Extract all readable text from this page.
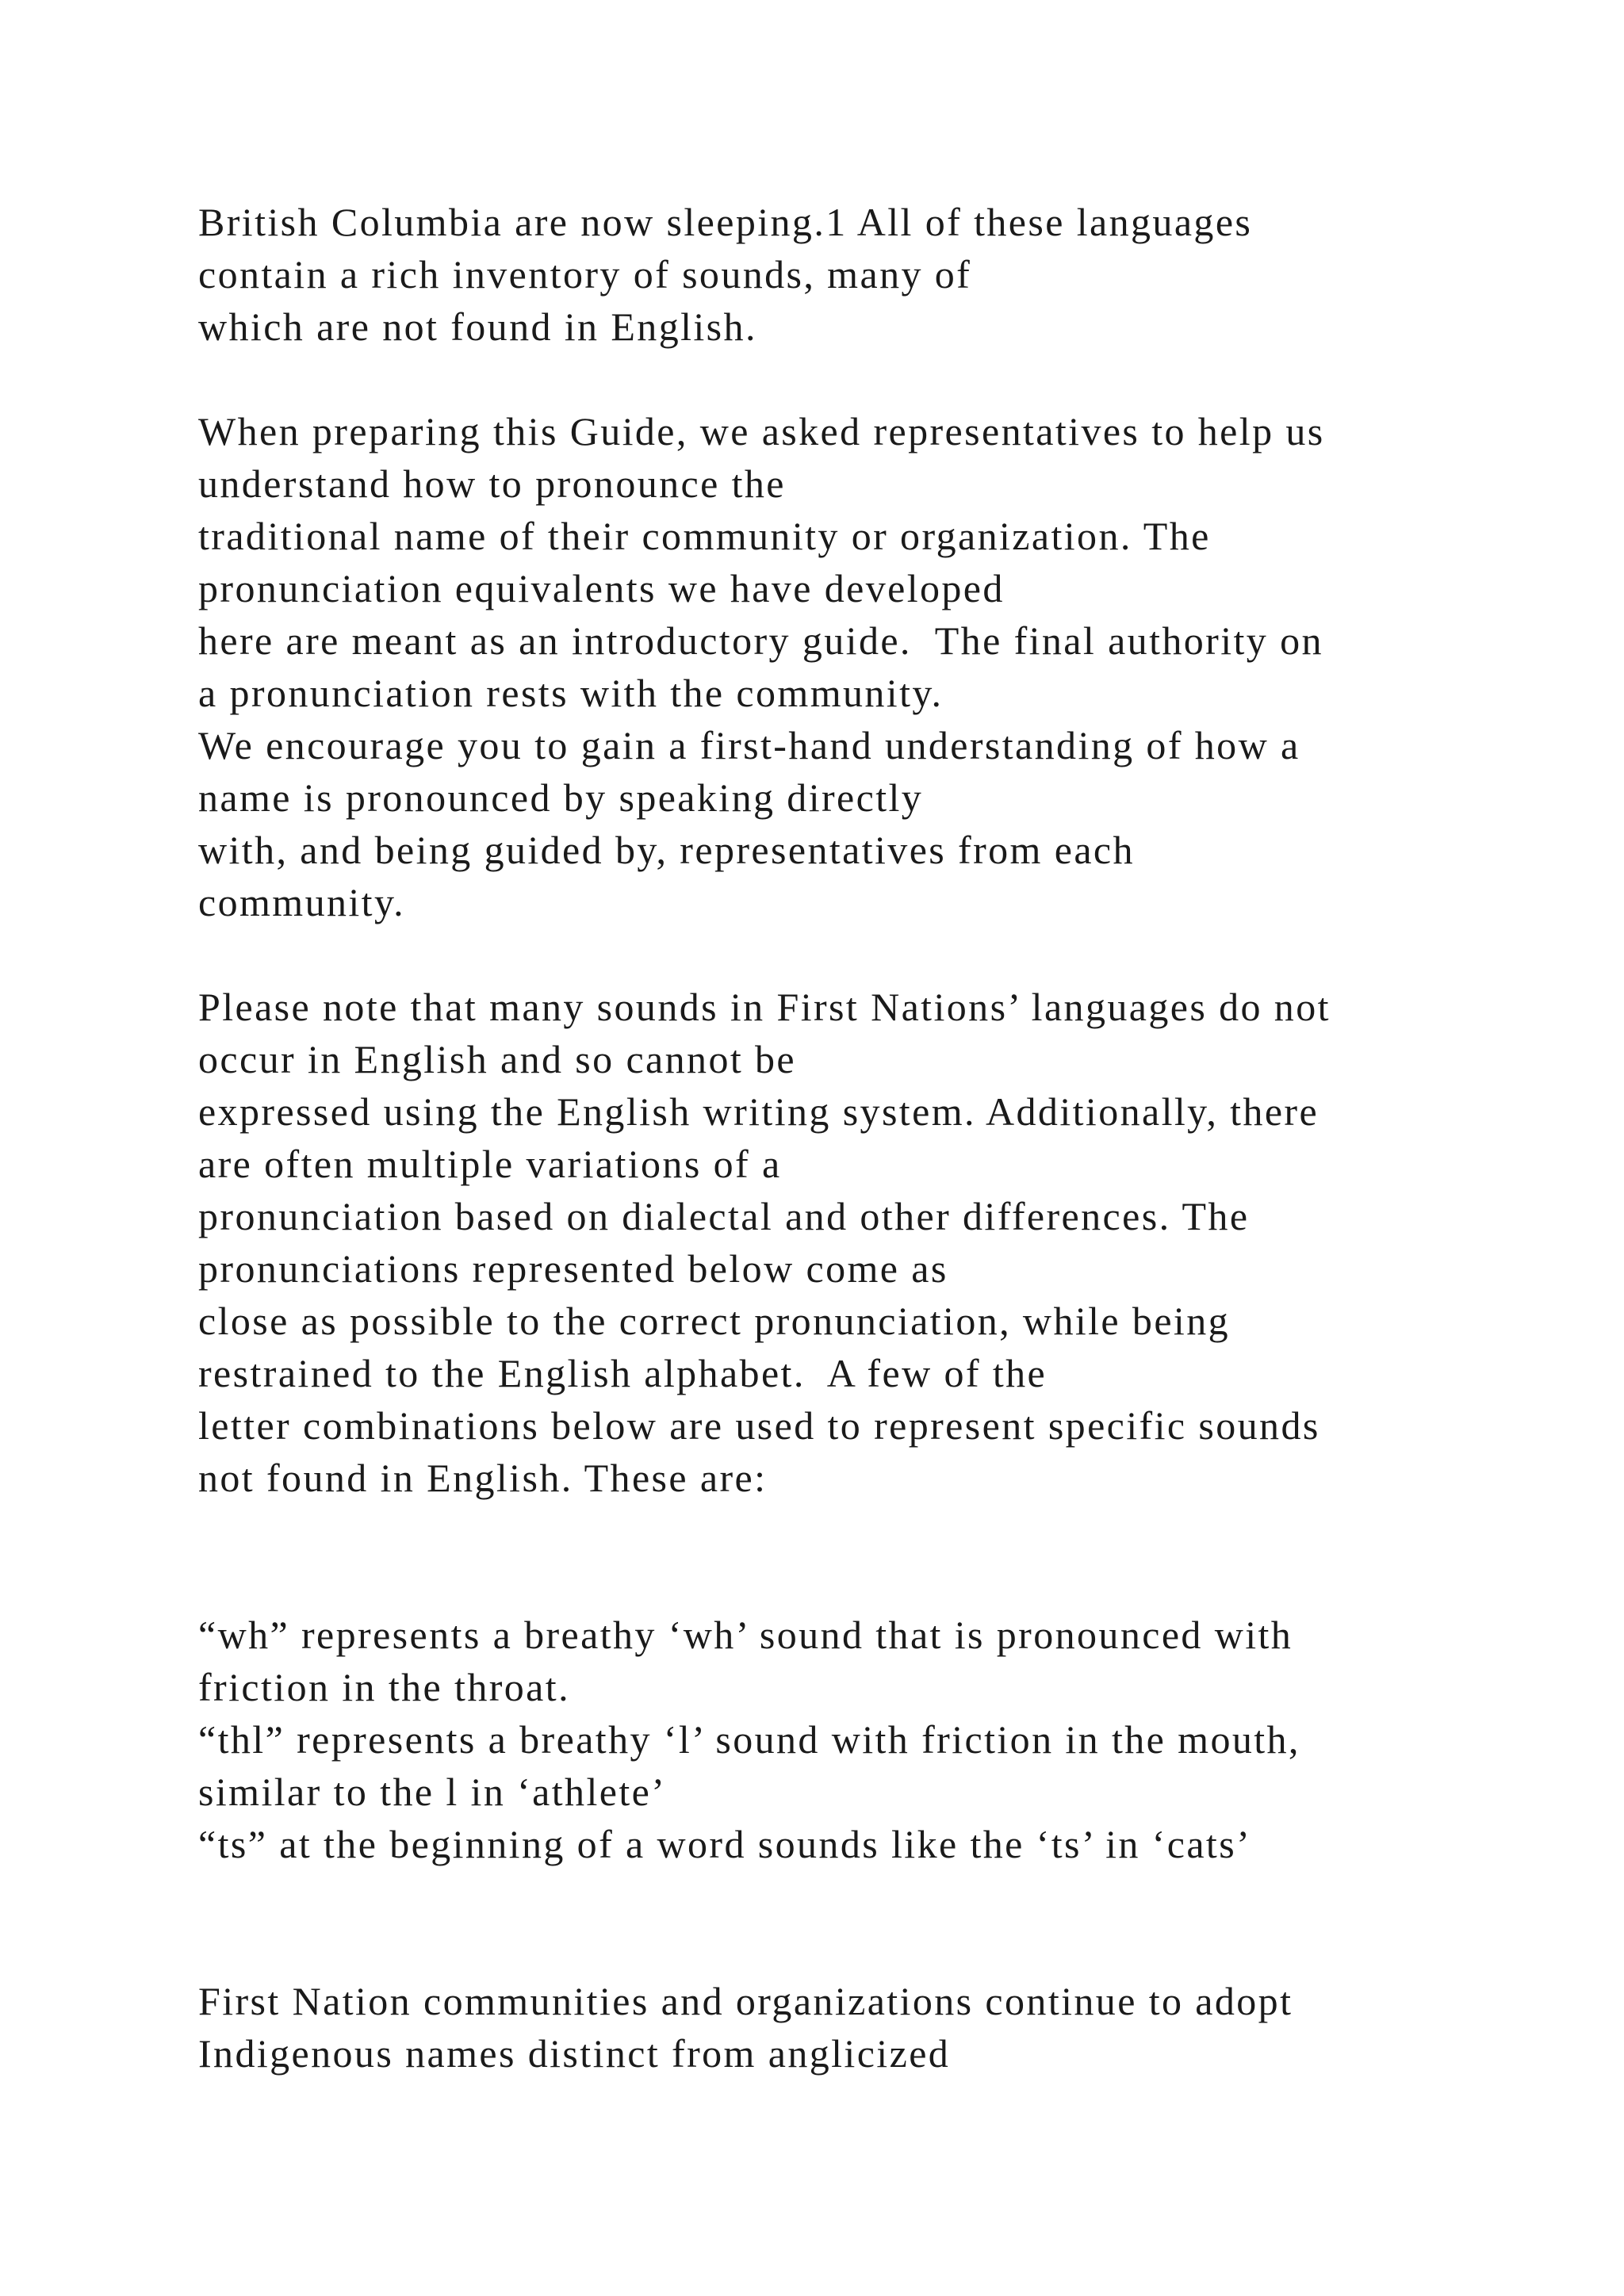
British Columbia are now sleeping.1 All of these languages
contain a rich inventory of sounds, many of
which are not found in English.
When preparing this Guide, we asked representatives to help us
understand how to pronounce the
traditional name of their community or organization. The
pronunciation equivalents we have developed
here are meant as an introductory guide.  The final authority on
a pronunciation rests with the community.
We encourage you to gain a first-hand understanding of how a
name is pronounced by speaking directly
with, and being guided by, representatives from each
community.
Please note that many sounds in First Nations’ languages do not
occur in English and so cannot be
expressed using the English writing system. Additionally, there
are often multiple variations of a
pronunciation based on dialectal and other differences. The
pronunciations represented below come as
close as possible to the correct pronunciation, while being
restrained to the English alphabet.  A few of the
letter combinations below are used to represent specific sounds
not found in English. These are:
“wh” represents a breathy ‘wh’ sound that is pronounced with
friction in the throat.
“thl” represents a breathy ‘l’ sound with friction in the mouth,
similar to the l in ‘athlete’
“ts” at the beginning of a word sounds like the ‘ts’ in ‘cats’
First Nation communities and organizations continue to adopt
Indigenous names distinct from anglicized
